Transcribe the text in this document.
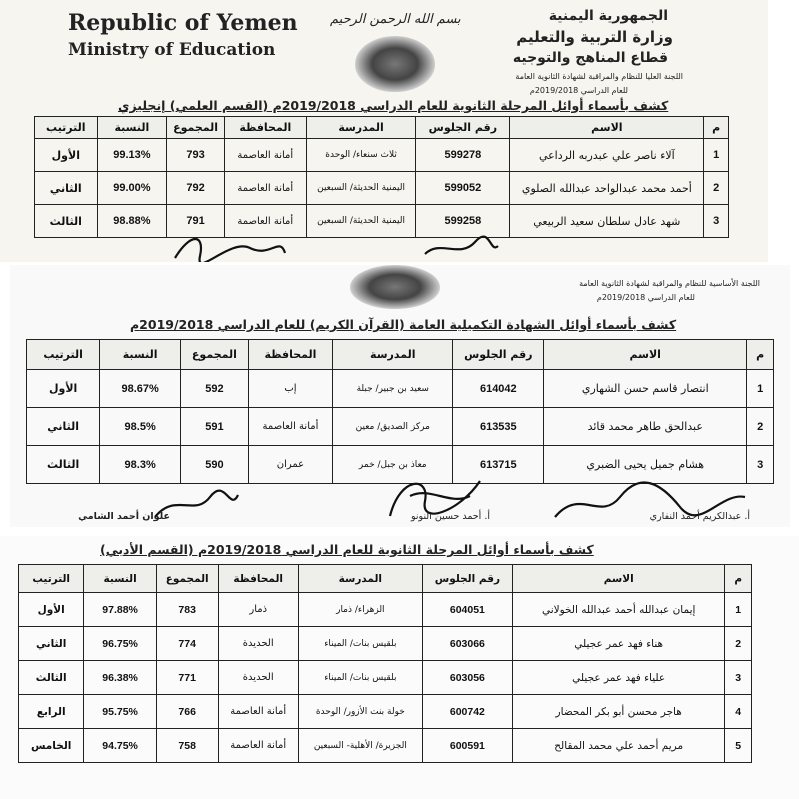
Republic of Yemen
Ministry of Education
بسم الله الرحمن الرحيم	الجمهورية اليمنية
وزارة التربية والتعليم
قطاع المناهج والتوجيه
اللجنة العليا للنظام والمراقبة لشهادة الثانوية العامة
للعام الدراسي 2019/2018م
كشف بأسماء أوائل المرحلة الثانوية للعام الدراسي 2019/2018م (القسم العلمي) إنجليزي
م	الاسم	رقم الجلوس	المدرسة	المحافظة	المجموع	النسبة	الترتيب
1	آلاء ناصر علي عبدربه الرداعي	599278	ثلاث سنعاء/ الوحدة	أمانة العاصمة	793	99.13%	الأول
2	أحمد محمد عبدالواحد عبدالله الصلوي	599052	اليمنية الحديثة/ السبعين	أمانة العاصمة	792	99.00%	الثاني
3	شهد عادل سلطان سعيد الربيعي	599258	اليمنية الحديثة/ السبعين	أمانة العاصمة	791	98.88%	الثالث
اللجنة الأساسية للنظام والمراقبة لشهادة الثانوية العامة
للعام الدراسي 2019/2018م
كشف بأسماء أوائل الشهادة التكميلية العامة (القرآن الكريم) للعام الدراسي 2019/2018م
م	الاسم	رقم الجلوس	المدرسة	المحافظة	المجموع	النسبة	الترتيب
1	انتصار قاسم حسن الشهاري	614042	سعيد بن جبير/ جبلة	إب	592	98.67%	الأول
2	عبدالحق طاهر محمد قائد	613535	مركز الصديق/ معين	أمانة العاصمة	591	98.5%	الثاني
3	هشام جميل يحيى الضبري	613715	معاذ بن جبل/ خمر	عمران	590	98.3%	الثالث
أ. عبدالكريم أحمد النفاري
أ. أحمد حسين النونو
علوان أحمد الشامي
كشف بأسماء أوائل المرحلة الثانوية للعام الدراسي 2019/2018م (القسم الأدبي)
م	الاسم	رقم الجلوس	المدرسة	المحافظة	المجموع	النسبة	الترتيب
1	إيمان عبدالله أحمد عبدالله الخولاني	604051	الزهراء/ ذمار	ذمار	783	97.88%	الأول
2	هناء فهد عمر عجيلي	603066	بلقيس بنات/ الميناء	الحديدة	774	96.75%	الثاني
3	علياء فهد عمر عجيلي	603056	بلقيس بنات/ الميناء	الحديدة	771	96.38%	الثالث
4	هاجر محسن أبو بكر المحضار	600742	خولة بنت الأزور/ الوحدة	أمانة العاصمة	766	95.75%	الرابع
5	مريم أحمد علي محمد المقالح	600591	الجزيرة/ الأهلية- السبعين	أمانة العاصمة	758	94.75%	الخامس
